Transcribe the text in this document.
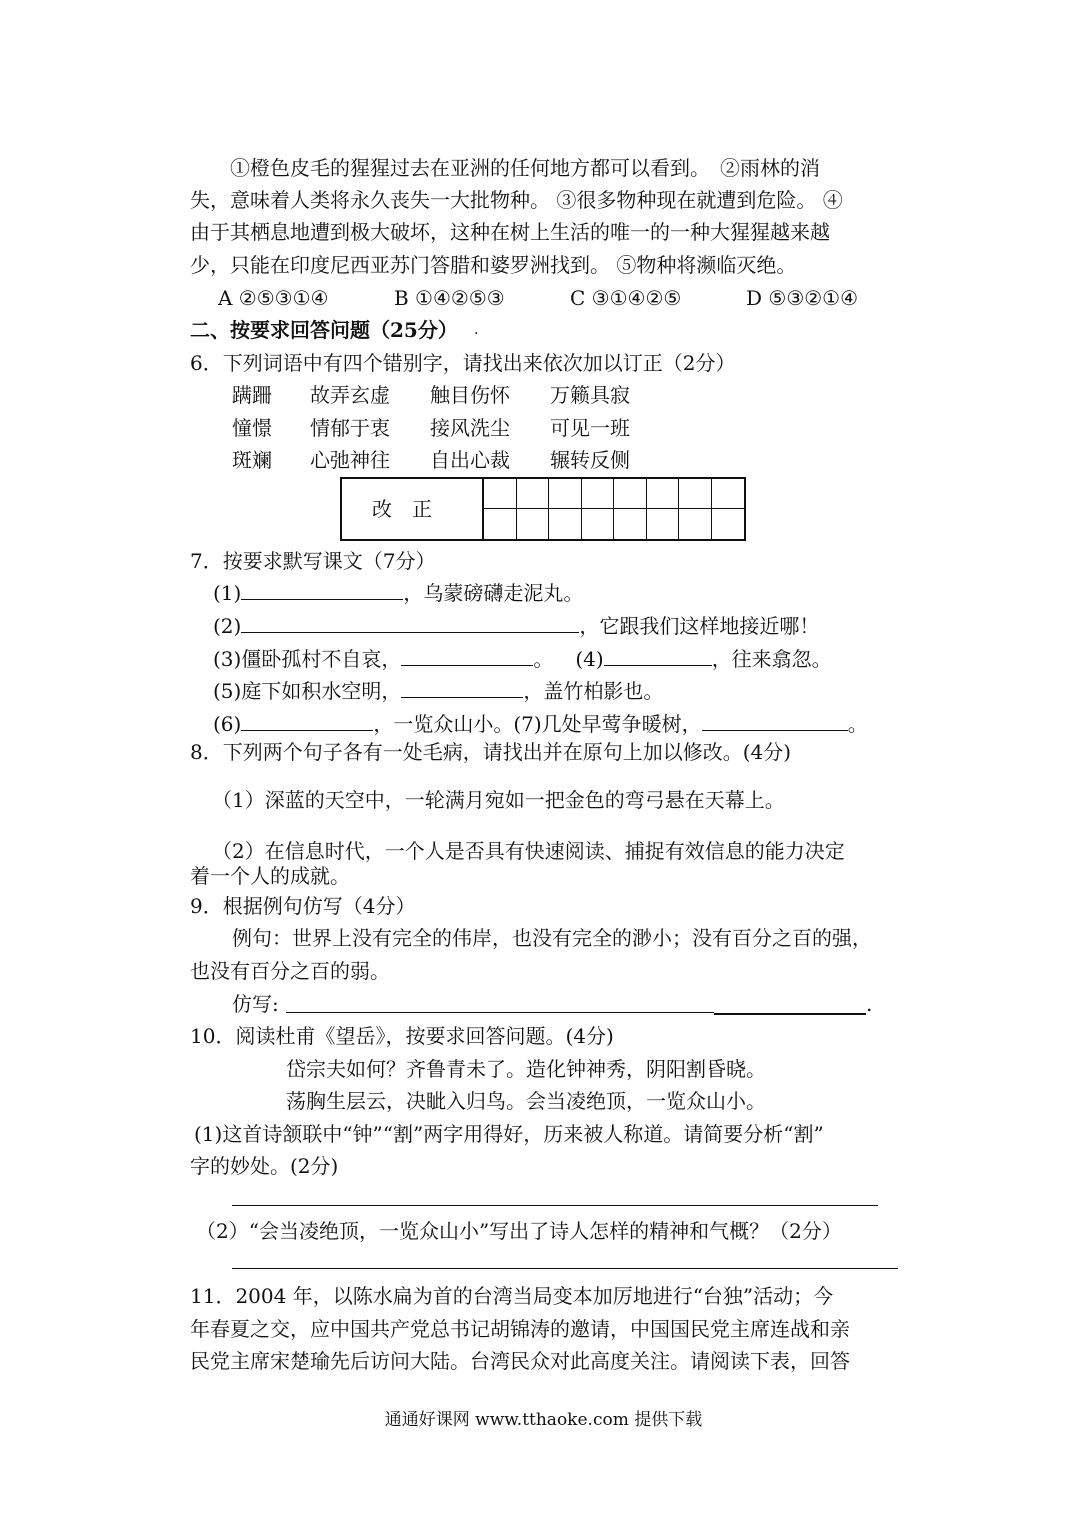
①橙色皮毛的猩猩过去在亚洲的任何地方都可以看到。　②雨林的消
失，意味着人类将永久丧失一大批物种。 ③很多物种现在就遭到危险。 ④
由于其栖息地遭到极大破坏，这种在树上生活的唯一的一种大猩猩越来越
少，只能在印度尼西亚苏门答腊和婆罗洲找到。 ⑤物种将濒临灭绝。
A ②⑤③①④	B ①④②⑤③	C ③①④②⑤	D ⑤③②①④
二、按要求回答问题（25分） .
6．下列词语中有四个错别字，请找出来依次加以订正（2分）
蹒跚 故弄玄虚 触目伤怀 万籁具寂
憧憬 情郁于衷 接风洗尘 可见一班
斑斓 心弛神往 自出心裁 辗转反侧
改正
7．按要求默写课文（7分）
(1)	，乌蒙磅礴走泥丸。
(2)	，它跟我们这样地接近哪！
(3)僵卧孤村不自哀，	。 (4)	，往来翕忽。
(5)庭下如积水空明，	，盖竹柏影也。
(6)	，一览众山小。(7)几处早莺争暖树，	。
8．下列两个句子各有一处毛病，请找出并在原句上加以修改。(4分)
（1）深蓝的天空中，一轮满月宛如一把金色的弯弓悬在天幕上。
（2）在信息时代，一个人是否具有快速阅读、捕捉有效信息的能力决定
着一个人的成就。
9．根据例句仿写（4分）
例句：世界上没有完全的伟岸，也没有完全的渺小；没有百分之百的强，
也没有百分之百的弱。
仿写:	.
10．阅读杜甫《望岳》，按要求回答问题。(4分)
岱宗夫如何？齐鲁青未了。造化钟神秀，阴阳割昏晓。
荡胸生层云，决眦入归鸟。会当凌绝顶，一览众山小。
(1)这首诗颔联中“钟”“割”两字用得好，历来被人称道。请简要分析“割”
字的妙处。(2分)
（2）“会当凌绝顶，一览众山小”写出了诗人怎样的精神和气概？（2分）
11．2004 年，以陈水扁为首的台湾当局变本加厉地进行“台独”活动；今
年春夏之交，应中国共产党总书记胡锦涛的邀请，中国国民党主席连战和亲
民党主席宋楚瑜先后访问大陆。台湾民众对此高度关注。请阅读下表，回答
通通好课网 www.tthaoke.com 提供下载
